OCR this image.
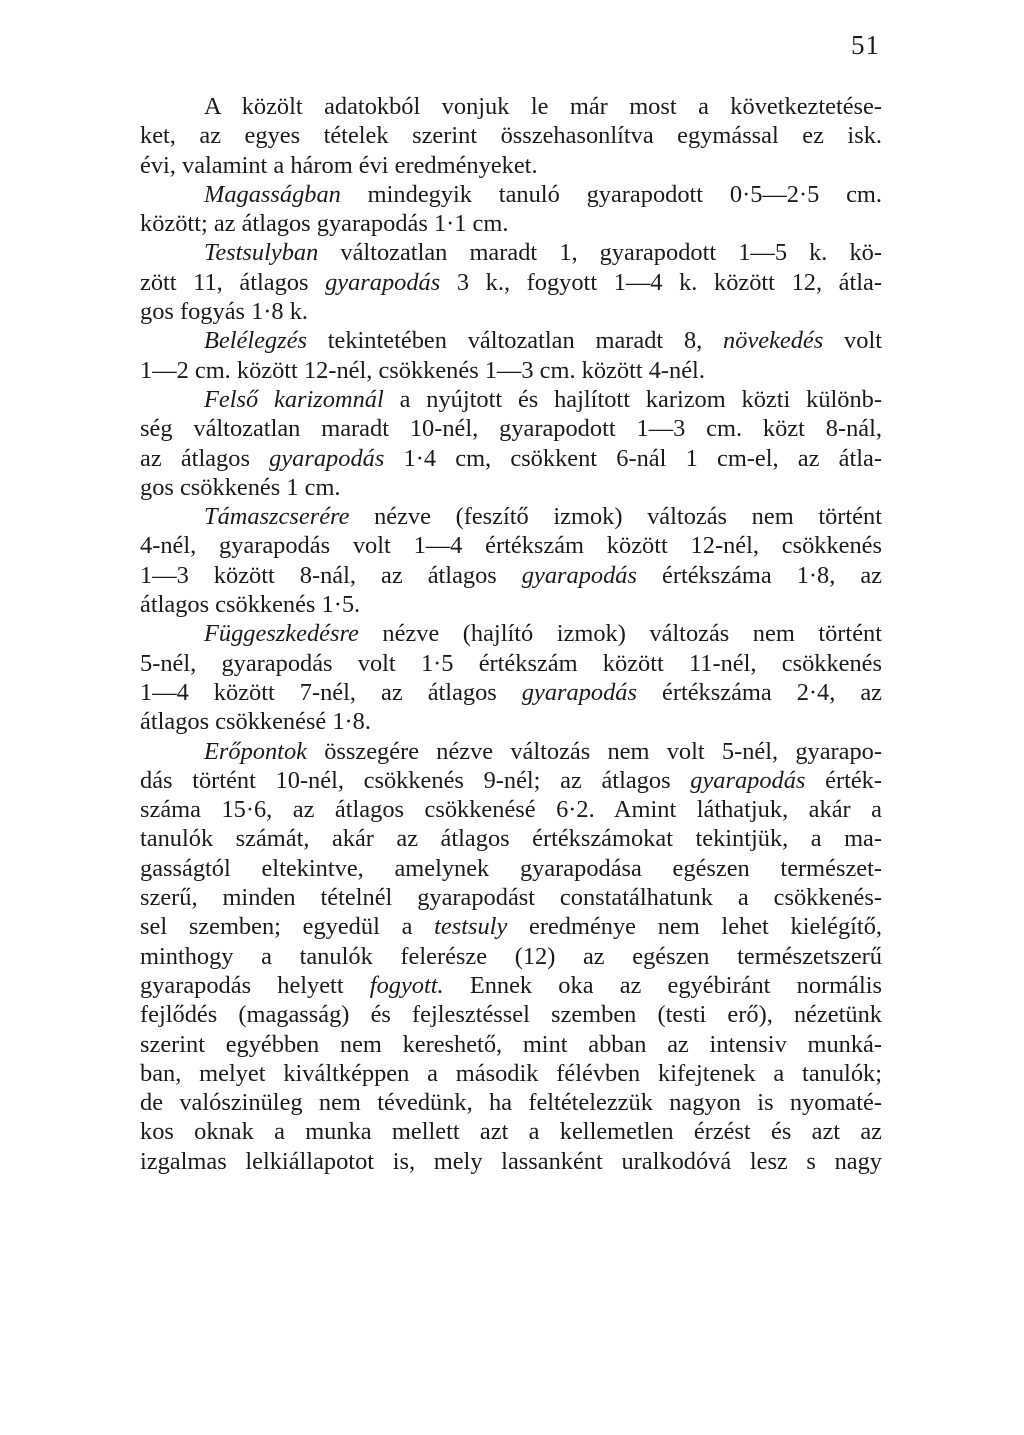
51
A közölt adatokból vonjuk le már most a következtetése-
ket, az egyes tételek szerint összehasonlítva egymással ez isk.
évi, valamint a három évi eredményeket.
Magasságban mindegyik tanuló gyarapodott 0·5—2·5 cm.
között; az átlagos gyarapodás 1·1 cm.
Testsulyban változatlan maradt 1, gyarapodott 1—5 k. kö-
zött 11, átlagos gyarapodás 3 k., fogyott 1—4 k. között 12, átla-
gos fogyás 1·8 k.
Belélegzés tekintetében változatlan maradt 8, növekedés volt
1—2 cm. között 12-nél, csökkenés 1—3 cm. között 4-nél.
Felső karizomnál a nyújtott és hajlított karizom közti különb-
ség változatlan maradt 10-nél, gyarapodott 1—3 cm. közt 8-nál,
az átlagos gyarapodás 1·4 cm, csökkent 6-nál 1 cm-el, az átla-
gos csökkenés 1 cm.
Támaszcserére nézve (feszítő izmok) változás nem történt
4-nél, gyarapodás volt 1—4 értékszám között 12-nél, csökkenés
1—3 között 8-nál, az átlagos gyarapodás értékszáma 1·8, az
átlagos csökkenés 1·5.
Függeszkedésre nézve (hajlító izmok) változás nem történt
5-nél, gyarapodás volt 1·5 értékszám között 11-nél, csökkenés
1—4 között 7-nél, az átlagos gyarapodás értékszáma 2·4, az
átlagos csökkenésé 1·8.
Erőpontok összegére nézve változás nem volt 5-nél, gyarapo-
dás történt 10-nél, csökkenés 9-nél; az átlagos gyarapodás érték-
száma 15·6, az átlagos csökkenésé 6·2. Amint láthatjuk, akár a
tanulók számát, akár az átlagos értékszámokat tekintjük, a ma-
gasságtól eltekintve, amelynek gyarapodása egészen természet-
szerű, minden tételnél gyarapodást constatálhatunk a csökkenés-
sel szemben; egyedül a testsuly eredménye nem lehet kielégítő,
minthogy a tanulók felerésze (12) az egészen természetszerű
gyarapodás helyett fogyott. Ennek oka az egyébiránt normális
fejlődés (magasság) és fejlesztéssel szemben (testi erő), nézetünk
szerint egyébben nem kereshető, mint abban az intensiv munká-
ban, melyet kiváltképpen a második félévben kifejtenek a tanulók;
de valószinüleg nem tévedünk, ha feltételezzük nagyon is nyomaté-
kos oknak a munka mellett azt a kellemetlen érzést és azt az
izgalmas lelkiállapotot is, mely lassanként uralkodóvá lesz s nagy
